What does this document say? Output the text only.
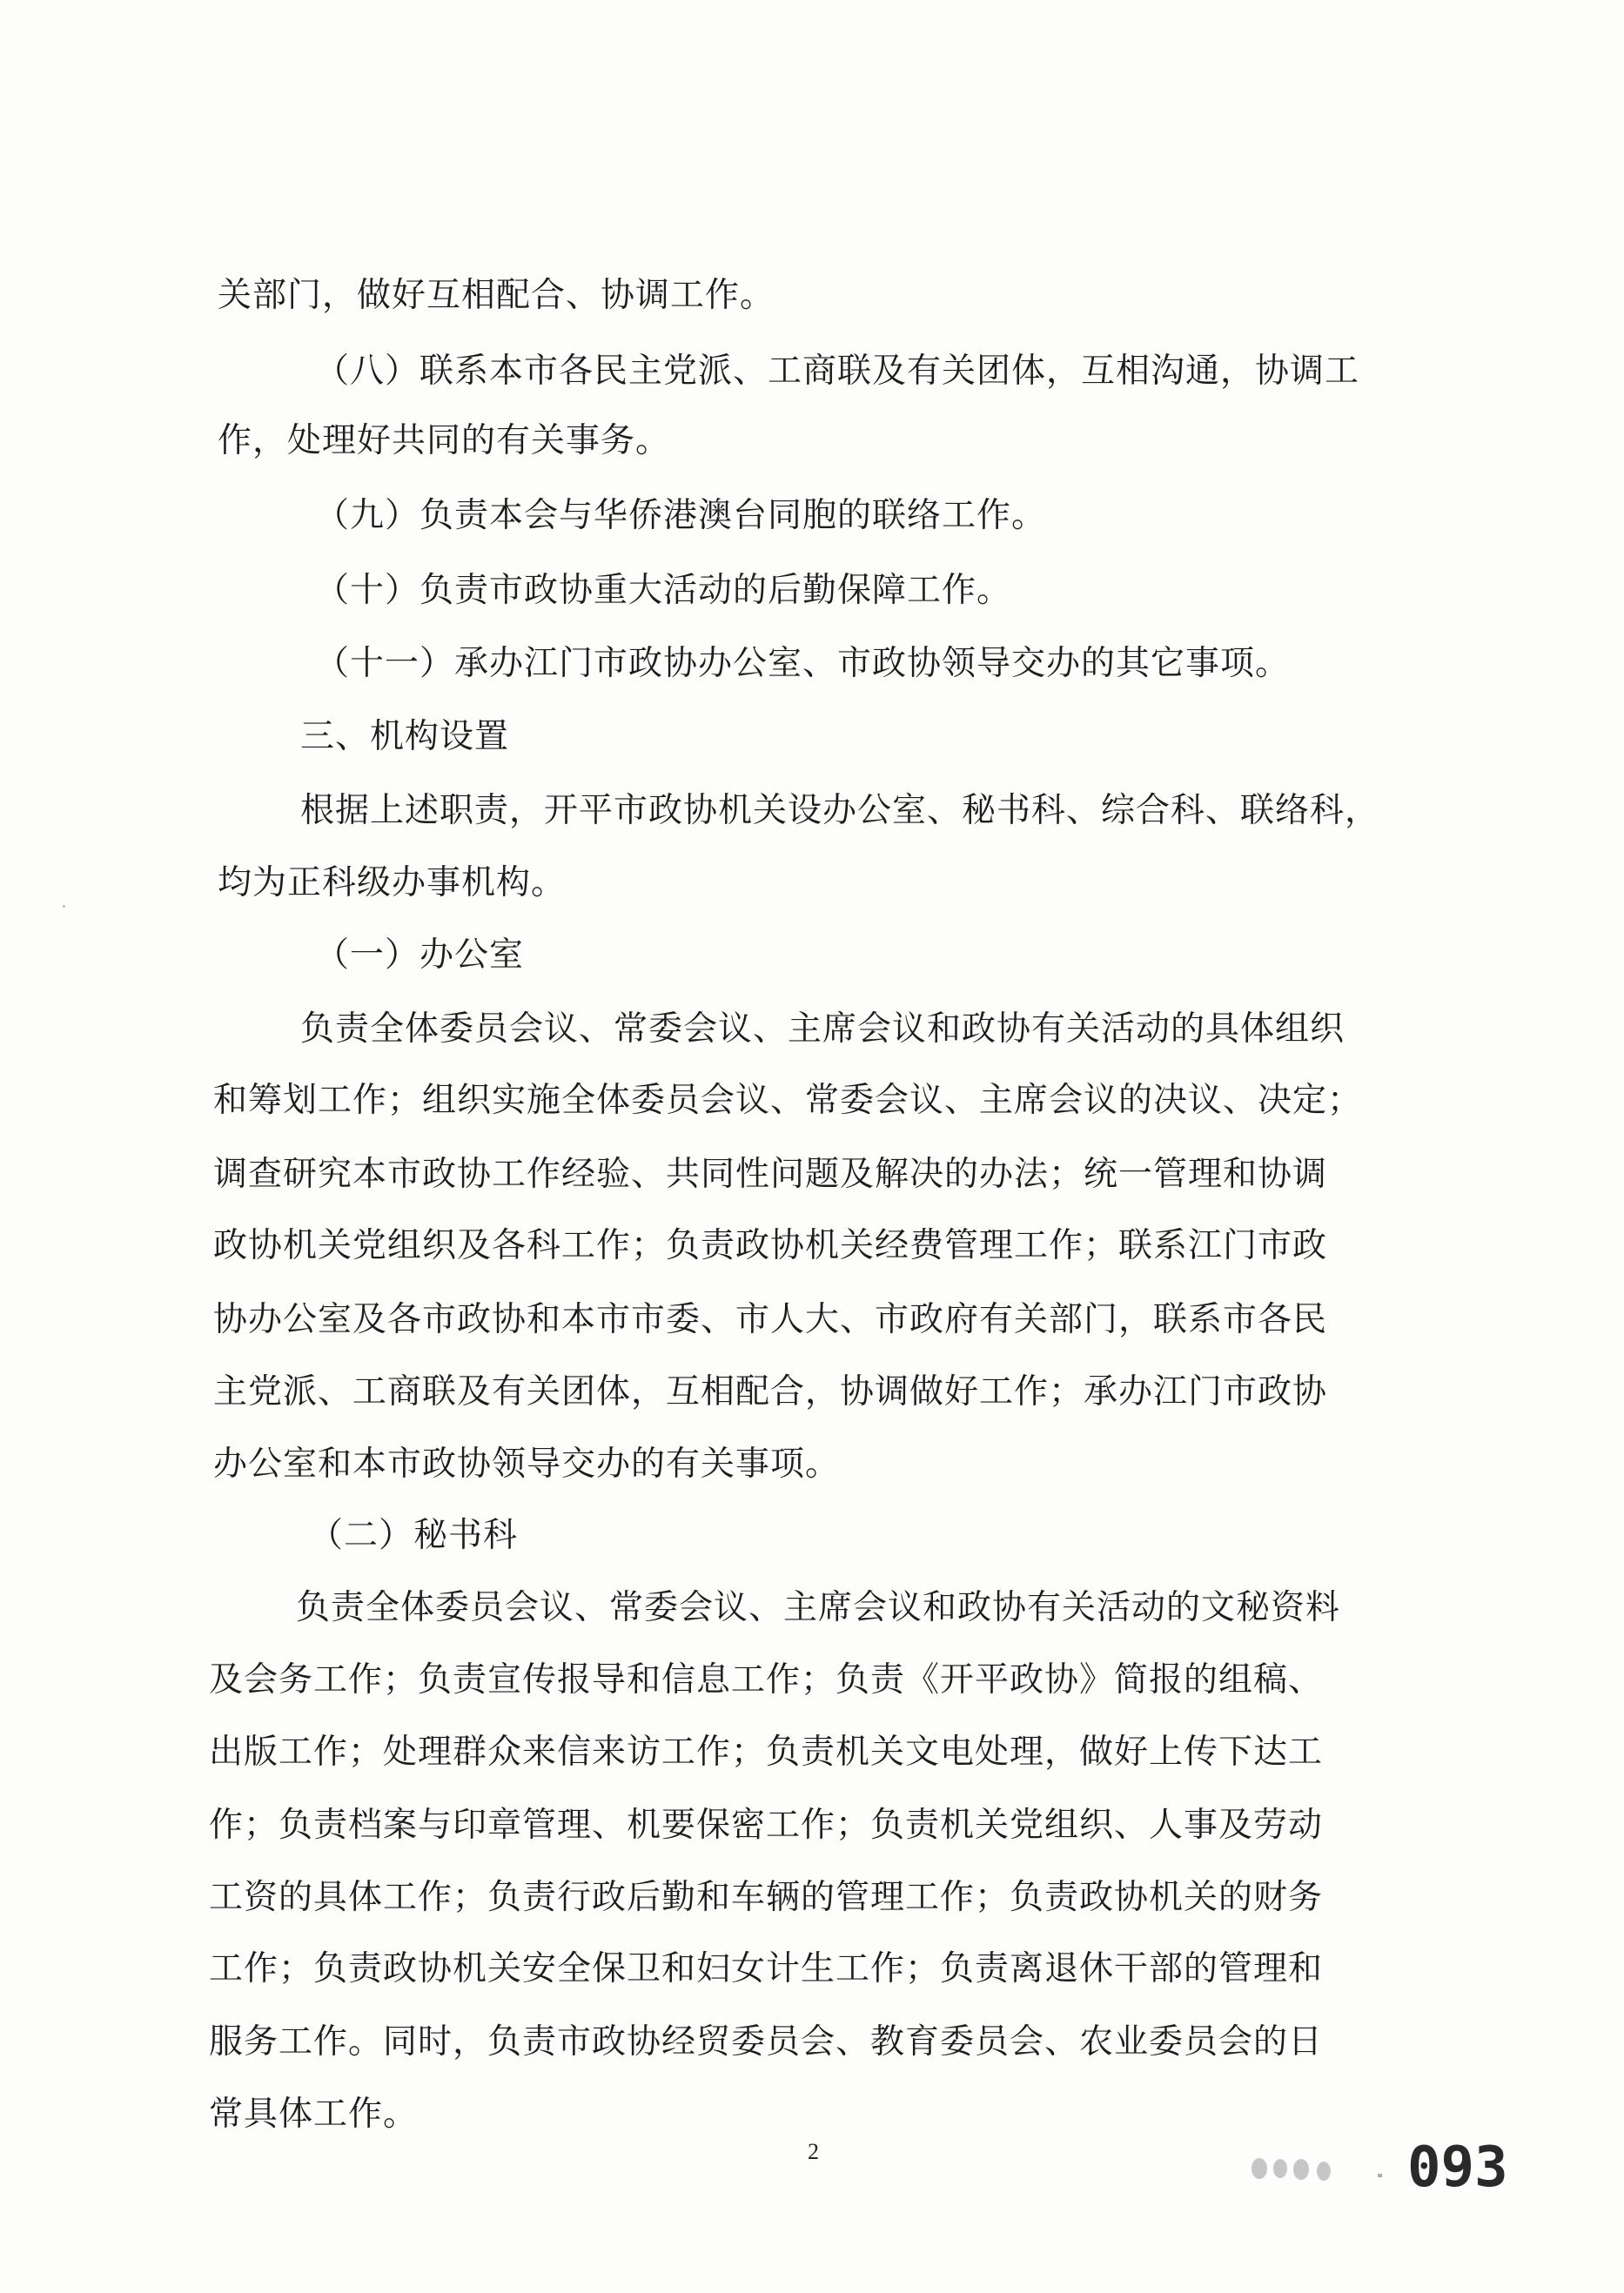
关部门，做好互相配合、协调工作。
（八）联系本市各民主党派、工商联及有关团体，互相沟通，协调工
作，处理好共同的有关事务。
（九）负责本会与华侨港澳台同胞的联络工作。
（十）负责市政协重大活动的后勤保障工作。
（十一）承办江门市政协办公室、市政协领导交办的其它事项。
三、机构设置
根据上述职责，开平市政协机关设办公室、秘书科、综合科、联络科，
均为正科级办事机构。
（一）办公室
负责全体委员会议、常委会议、主席会议和政协有关活动的具体组织
和筹划工作；组织实施全体委员会议、常委会议、主席会议的决议、决定；
调查研究本市政协工作经验、共同性问题及解决的办法；统一管理和协调
政协机关党组织及各科工作；负责政协机关经费管理工作；联系江门市政
协办公室及各市政协和本市市委、市人大、市政府有关部门，联系市各民
主党派、工商联及有关团体，互相配合，协调做好工作；承办江门市政协
办公室和本市政协领导交办的有关事项。
（二）秘书科
负责全体委员会议、常委会议、主席会议和政协有关活动的文秘资料
及会务工作；负责宣传报导和信息工作；负责《开平政协》简报的组稿、
出版工作；处理群众来信来访工作；负责机关文电处理，做好上传下达工
作；负责档案与印章管理、机要保密工作；负责机关党组织、人事及劳动
工资的具体工作；负责行政后勤和车辆的管理工作；负责政协机关的财务
工作；负责政协机关安全保卫和妇女计生工作；负责离退休干部的管理和
服务工作。同时，负责市政协经贸委员会、教育委员会、农业委员会的日
常具体工作。
2	093
